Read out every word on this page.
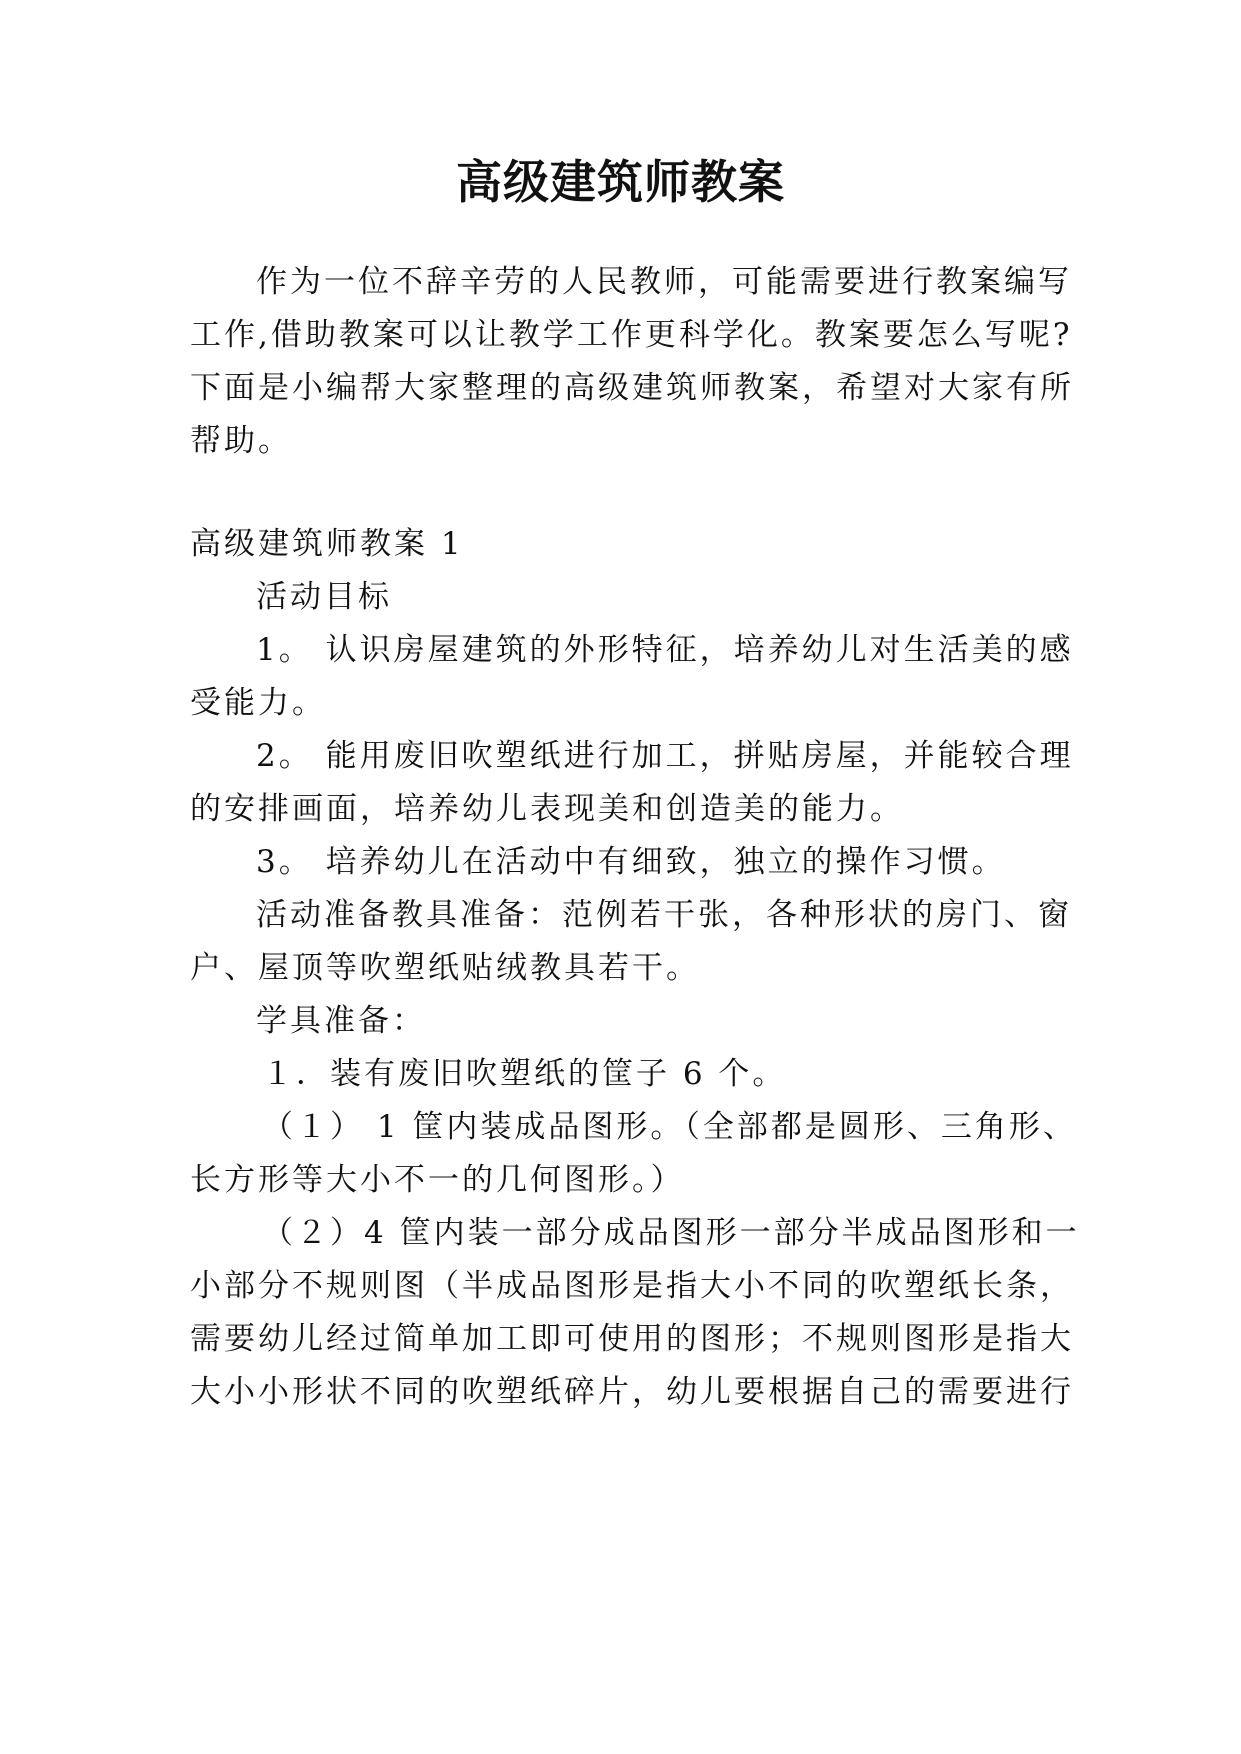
高级建筑师教案
作为一位不辞辛劳的人民教师，可能需要进行教案编写
工作,借助教案可以让教学工作更科学化。教案要怎么写呢?
下面是小编帮大家整理的高级建筑师教案，希望对大家有所
帮助。
高级建筑师教案 1
活动目标
1。 认识房屋建筑的外形特征，培养幼儿对生活美的感
受能力。
2。 能用废旧吹塑纸进行加工，拼贴房屋，并能较合理
的安排画面，培养幼儿表现美和创造美的能力。
3。 培养幼儿在活动中有细致，独立的操作习惯。
活动准备教具准备：范例若干张，各种形状的房门、窗
户、屋顶等吹塑纸贴绒教具若干。
学具准备：
１．装有废旧吹塑纸的筐子 6 个。
（１） 1 筐内装成品图形。（全部都是圆形、三角形、
长方形等大小不一的几何图形。）
（２）4 筐内装一部分成品图形一部分半成品图形和一
小部分不规则图（半成品图形是指大小不同的吹塑纸长条，
需要幼儿经过简单加工即可使用的图形；不规则图形是指大
大小小形状不同的吹塑纸碎片，幼儿要根据自己的需要进行
